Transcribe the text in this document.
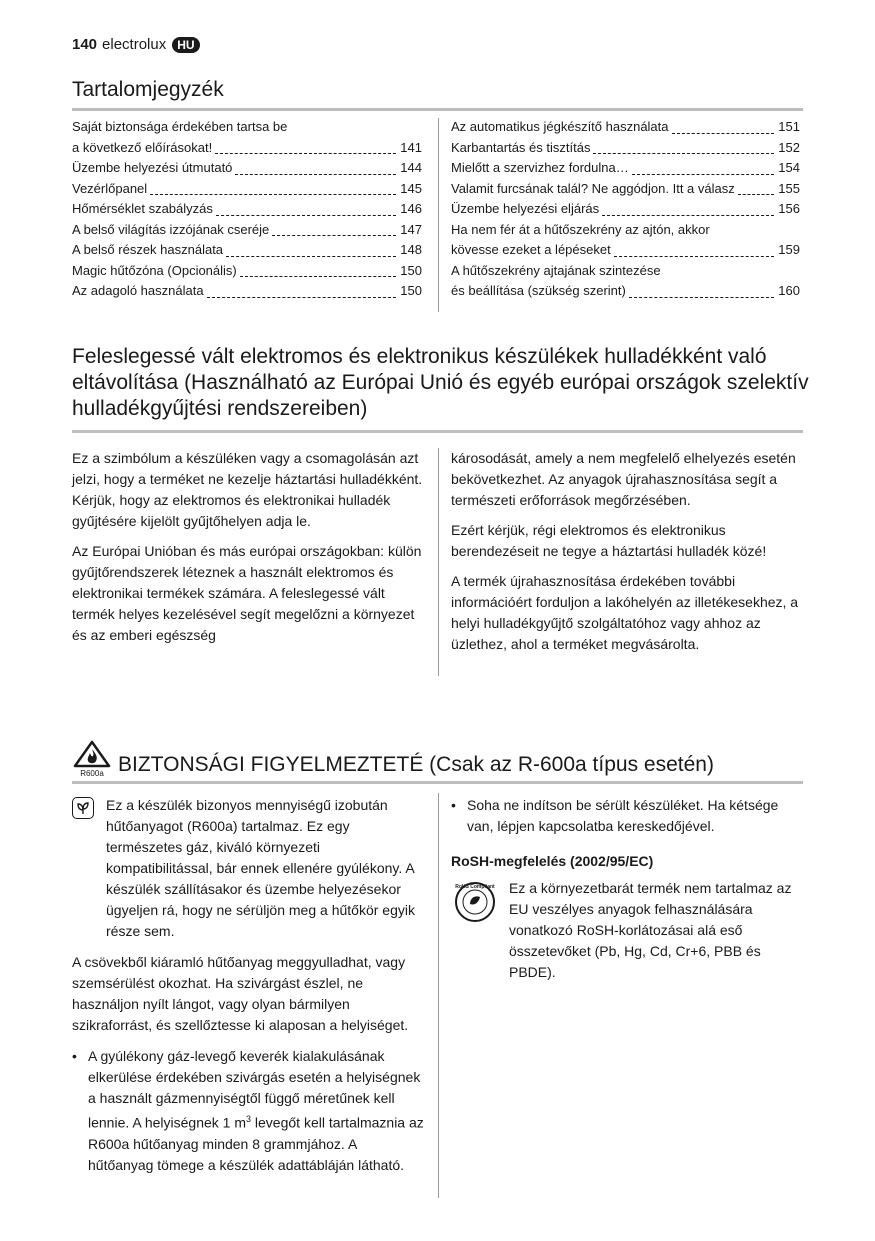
140 electrolux HU
Tartalomjegyzék
Saját biztonsága érdekében tartsa be
a következő előírásokat!	141
Üzembe helyezési útmutató	144
Vezérlőpanel	145
Hőmérséklet szabályzás	146
A belső világítás izzójának cseréje	147
A belső részek használata	148
Magic hűtőzóna (Opcionális)	150
Az adagoló használata	150
Az automatikus jégkészítő használata	151
Karbantartás és tisztítás	152
Mielőtt a szervizhez fordulna…	154
Valamit furcsának talál? Ne aggódjon. Itt a válasz	155
Üzembe helyezési eljárás	156
Ha nem fér át a hűtőszekrény az ajtón, akkor
kövesse ezeket a lépéseket	159
A hűtőszekrény ajtajának szintezése
és beállítása (szükség szerint)	160
Feleslegessé vált elektromos és elektronikus készülékek hulladékként való eltávolítása (Használható az Európai Unió és egyéb európai országok szelektív hulladékgyűjtési rendszereiben)

Ez a szimbólum a készüléken vagy a csomagolásán azt jelzi, hogy a terméket ne kezelje háztartási hulladékként. Kérjük, hogy az elektromos és elektronikai hulladék gyűjtésére kijelölt gyűjtőhelyen adja le.

Az Európai Unióban és más európai országokban: külön gyűjtőrendszerek léteznek a használt elektromos és elektronikai termékek számára. A feleslegessé vált termék helyes kezelésével segít megelőzni a környezet és az emberi egészség

károsodását, amely a nem megfelelő elhelyezés esetén bekövetkezhet. Az anyagok újrahasznosítása segít a természeti erőforrások megőrzésében.

Ezért kérjük, régi elektromos és elektronikus berendezéseit ne tegye a háztartási hulladék közé!

A termék újrahasznosítása érdekében további információért forduljon a lakóhelyén az illetékesekhez, a helyi hulladékgyűjtő szolgáltatóhoz vagy ahhoz az üzlethez, ahol a terméket megvásárolta.

R600a BIZTONSÁGI FIGYELMEZTETÉ (Csak az R-600a típus esetén)
Ez a készülék bizonyos mennyiségű izobután hűtőanyagot (R600a) tartalmaz. Ez egy természetes gáz, kiváló környezeti kompatibilitással, bár ennek ellenére gyúlékony. A készülék szállításakor és üzembe helyezésekor ügyeljen rá, hogy ne sérüljön meg a hűtőkör egyik része sem.

A csövekből kiáramló hűtőanyag meggyulladhat, vagy szemsérülést okozhat. Ha szivárgást észlel, ne használjon nyílt lángot, vagy olyan bármilyen szikraforrást, és szellőztesse ki alaposan a helyiséget.

• A gyúlékony gáz-levegő keverék kialakulásának elkerülése érdekében szivárgás esetén a helyiségnek a használt gázmennyiségtől függő méretűnek kell lennie. A helyiségnek 1 $m^3$ levegőt kell tartalmaznia az R600a hűtőanyag minden 8 grammjához. A hűtőanyag tömege a készülék adattábláján látható.
• Soha ne indítson be sérült készüléket. Ha kétsége van, lépjen kapcsolatba kereskedőjével.
RoSH-megfelelés (2002/95/EC)
RoHS Compliant Ez a környezetbarát termék nem tartalmaz az EU veszélyes anyagok felhasználására vonatkozó RoSH-korlátozásai alá eső összetevőket (Pb, Hg, Cd, Cr+6, PBB és PBDE).
